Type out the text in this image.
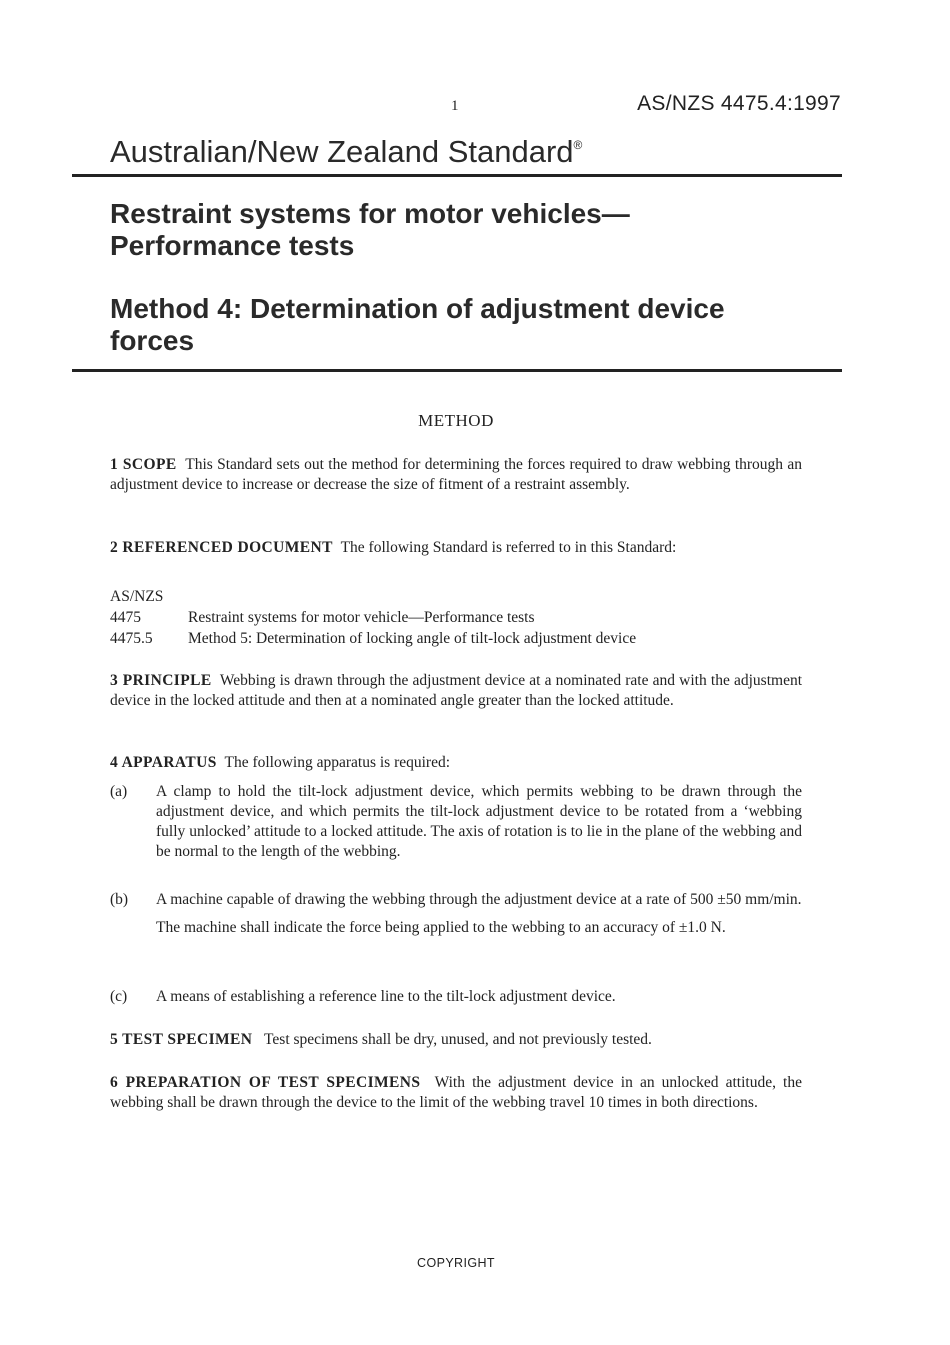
1	AS/NZS 4475.4:1997
Australian/New Zealand Standard®
Restraint systems for motor vehicles—
Performance tests
Method 4: Determination of adjustment device
forces
METHOD
1 SCOPE This Standard sets out the method for determining the forces required to draw webbing through an adjustment device to increase or decrease the size of fitment of a restraint assembly.
2 REFERENCED DOCUMENT The following Standard is referred to in this Standard:
AS/NZS
4475	Restraint systems for motor vehicle—Performance tests
4475.5 Method 5: Determination of locking angle of tilt-lock adjustment device
3 PRINCIPLE Webbing is drawn through the adjustment device at a nominated rate and with the adjustment device in the locked attitude and then at a nominated angle greater than the locked attitude.
4 APPARATUS The following apparatus is required:
(a) A clamp to hold the tilt-lock adjustment device, which permits webbing to be drawn through the adjustment device, and which permits the tilt-lock adjustment device to be rotated from a ‘webbing fully unlocked’ attitude to a locked attitude. The axis of rotation is to lie in the plane of the webbing and be normal to the length of the webbing.
(b) A machine capable of drawing the webbing through the adjustment device at a rate of 500 ±50 mm/min.
The machine shall indicate the force being applied to the webbing to an accuracy of ±1.0 N.
(c) A means of establishing a reference line to the tilt-lock adjustment device.
5 TEST SPECIMEN Test specimens shall be dry, unused, and not previously tested.
6 PREPARATION OF TEST SPECIMENS With the adjustment device in an unlocked attitude, the webbing shall be drawn through the device to the limit of the webbing travel 10 times in both directions.
COPYRIGHT
